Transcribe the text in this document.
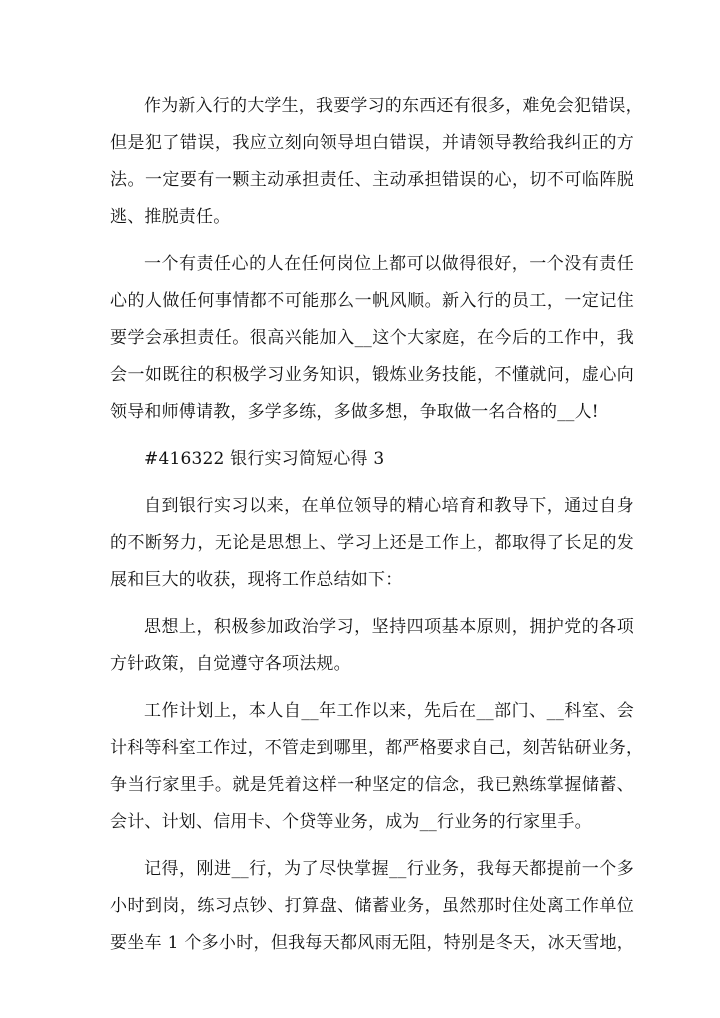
作为新入行的大学生，我要学习的东西还有很多，难免会犯错误，
但是犯了错误，我应立刻向领导坦白错误，并请领导教给我纠正的方
法。一定要有一颗主动承担责任、主动承担错误的心，切不可临阵脱
逃、推脱责任。
一个有责任心的人在任何岗位上都可以做得很好，一个没有责任
心的人做任何事情都不可能那么一帆风顺。新入行的员工，一定记住
要学会承担责任。很高兴能加入__这个大家庭，在今后的工作中，我
会一如既往的积极学习业务知识，锻炼业务技能，不懂就问，虚心向
领导和师傅请教，多学多练，多做多想，争取做一名合格的__人!
#416322 银行实习简短心得 3
自到银行实习以来，在单位领导的精心培育和教导下，通过自身
的不断努力，无论是思想上、学习上还是工作上，都取得了长足的发
展和巨大的收获，现将工作总结如下：
思想上，积极参加政治学习，坚持四项基本原则，拥护党的各项
方针政策，自觉遵守各项法规。
工作计划上，本人自__年工作以来，先后在__部门、__科室、会
计科等科室工作过，不管走到哪里，都严格要求自己，刻苦钻研业务，
争当行家里手。就是凭着这样一种坚定的信念，我已熟练掌握储蓄、
会计、计划、信用卡、个贷等业务，成为__行业务的行家里手。
记得，刚进__行，为了尽快掌握__行业务，我每天都提前一个多
小时到岗，练习点钞、打算盘、储蓄业务，虽然那时住处离工作单位
要坐车 1 个多小时，但我每天都风雨无阻，特别是冬天，冰天雪地，
